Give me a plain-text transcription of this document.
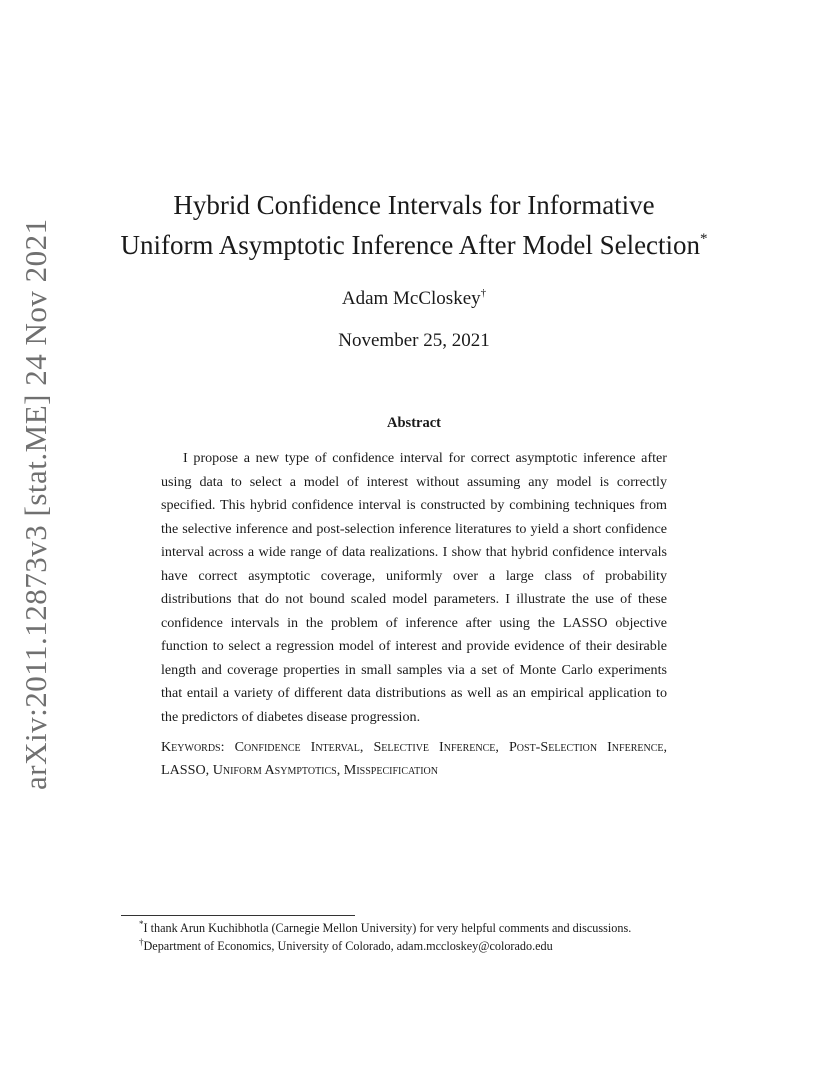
arXiv:2011.12873v3 [stat.ME] 24 Nov 2021
Hybrid Confidence Intervals for Informative
Uniform Asymptotic Inference After Model Selection*
Adam McCloskey†
November 25, 2021
Abstract
I propose a new type of confidence interval for correct asymptotic inference after using data to select a model of interest without assuming any model is correctly specified. This hybrid confidence interval is constructed by combining techniques from the selective inference and post-selection inference literatures to yield a short confidence interval across a wide range of data realizations. I show that hybrid confidence intervals have correct asymptotic coverage, uniformly over a large class of probability distributions that do not bound scaled model parameters. I illustrate the use of these confidence intervals in the problem of inference after using the LASSO objective function to select a regression model of interest and provide evidence of their desirable length and coverage properties in small samples via a set of Monte Carlo experiments that entail a variety of different data distributions as well as an empirical application to the predictors of diabetes disease progression.
Keywords: Confidence Interval, Selective Inference, Post-Selection Inference, LASSO, Uniform Asymptotics, Misspecification
*I thank Arun Kuchibhotla (Carnegie Mellon University) for very helpful comments and discussions.
†Department of Economics, University of Colorado, adam.mccloskey@colorado.edu
